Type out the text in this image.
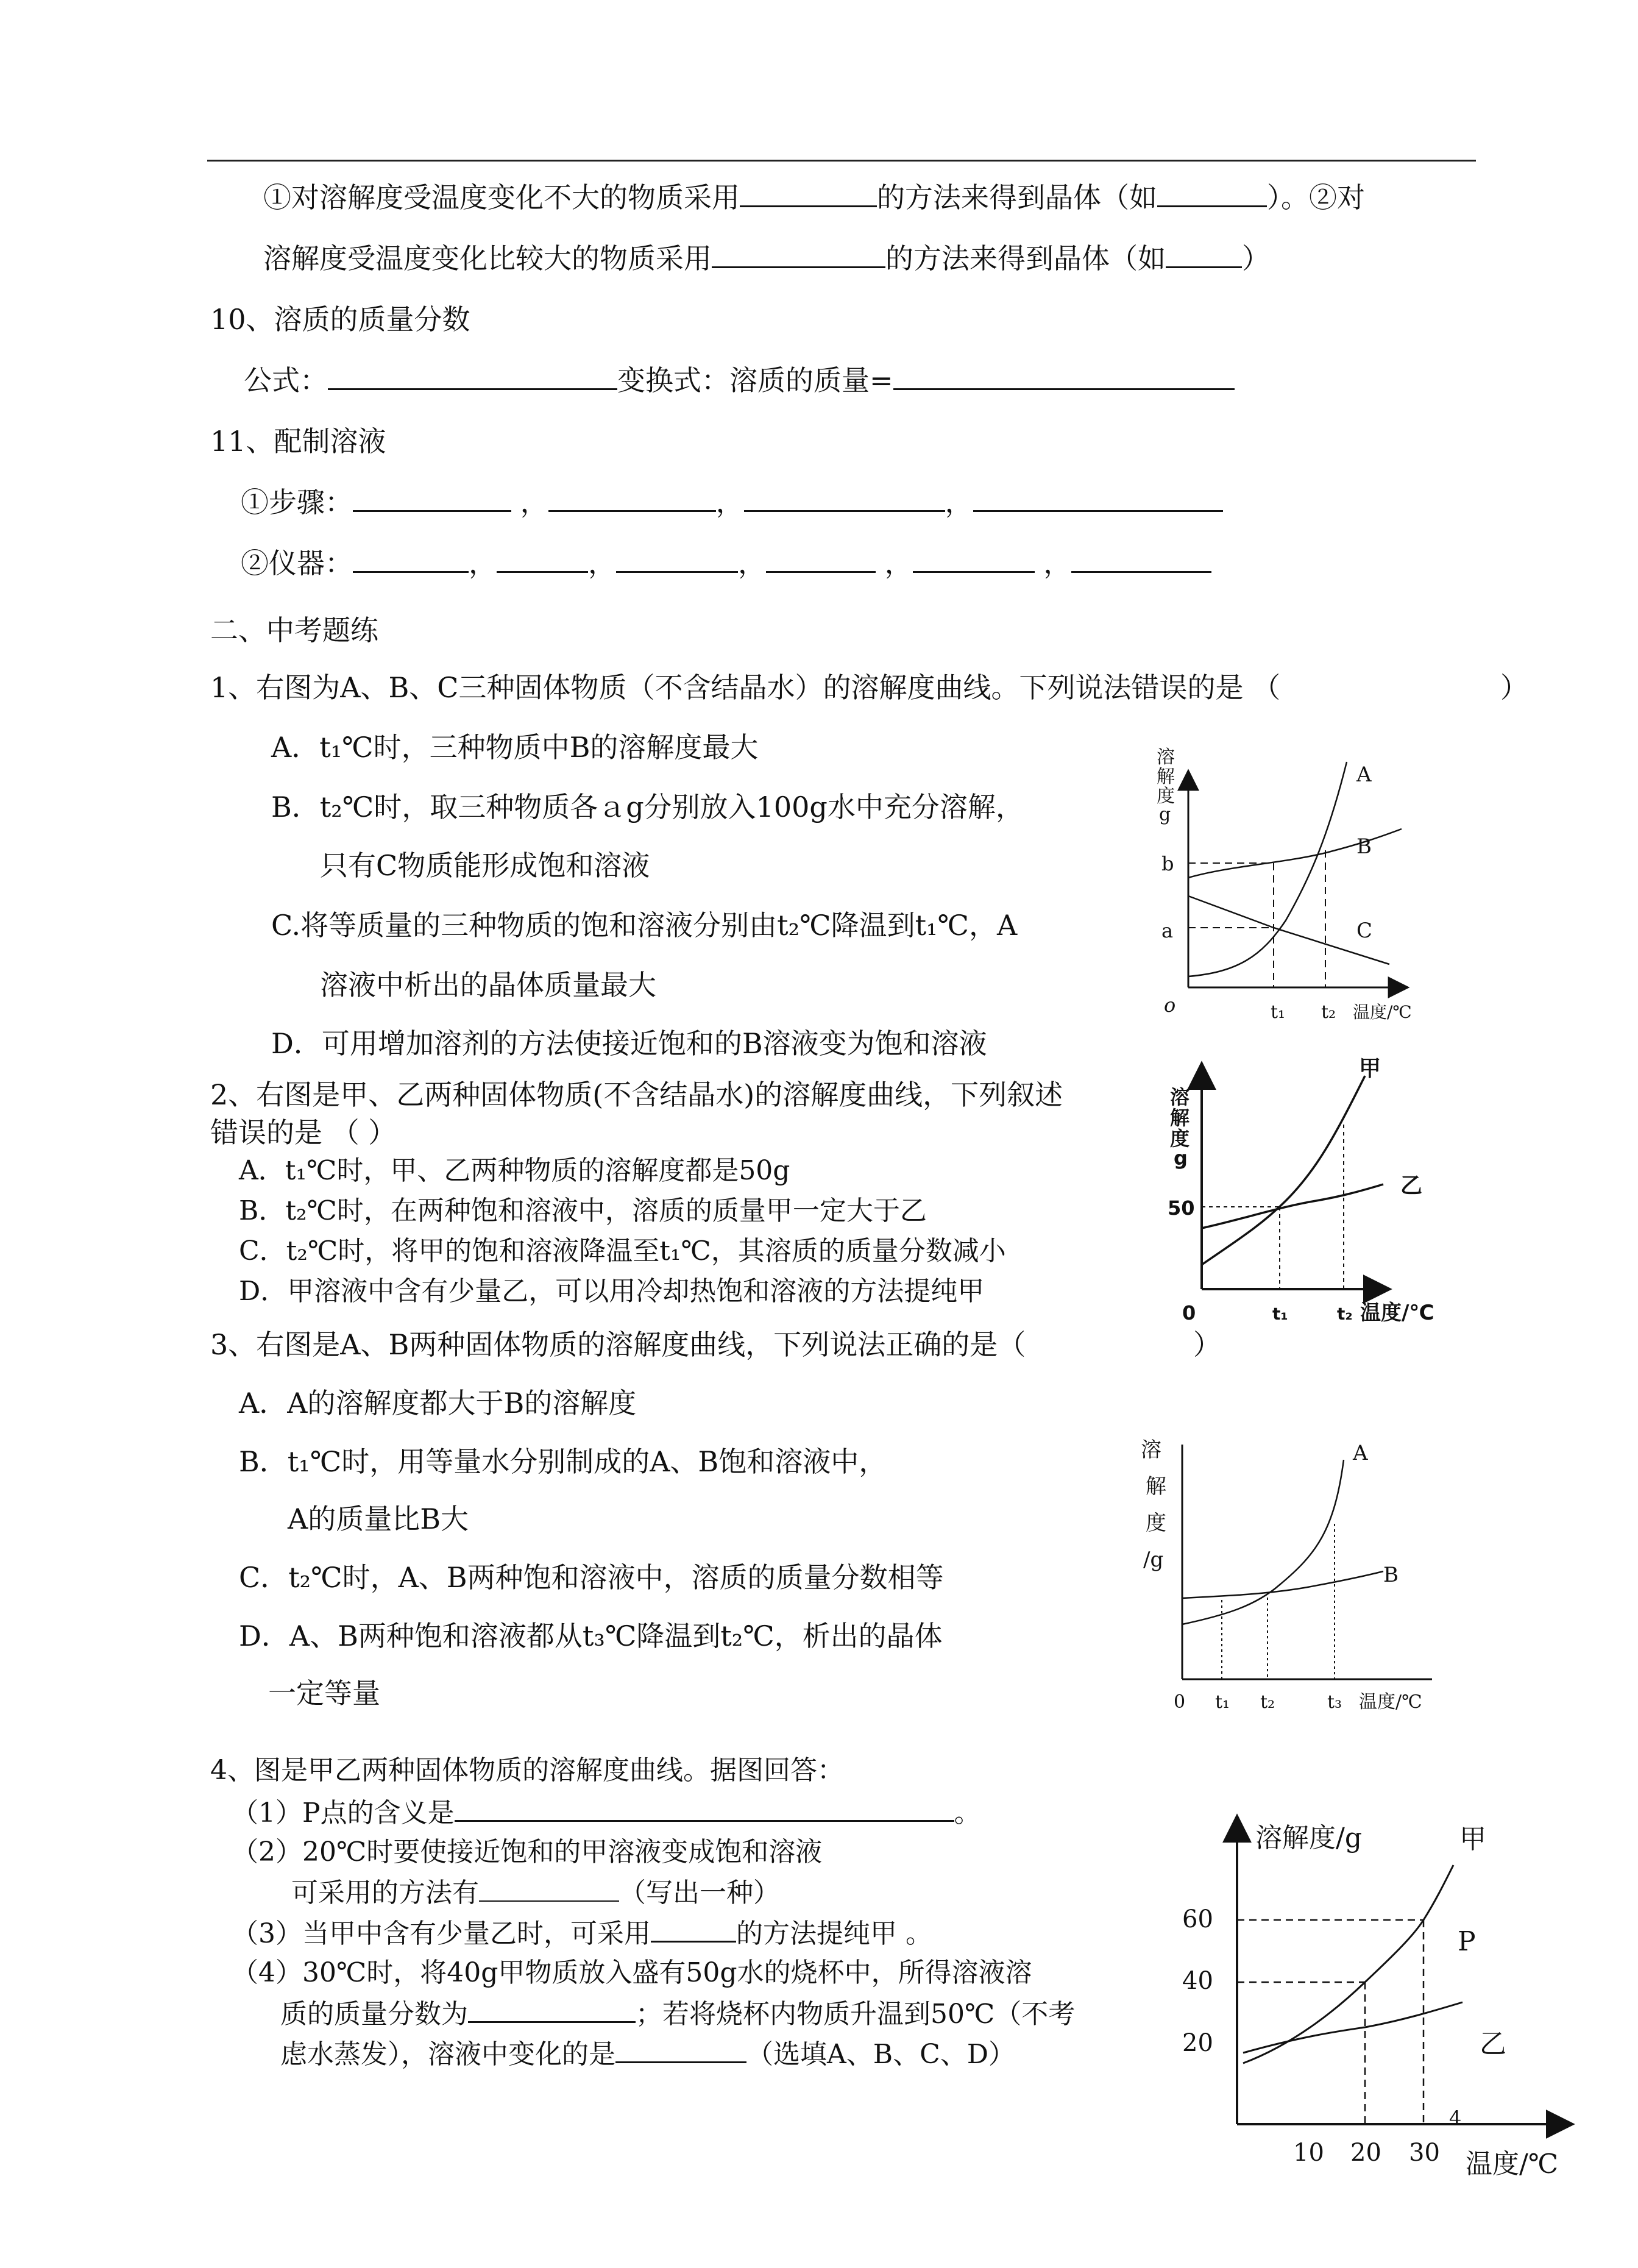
①对溶解度受温度变化不大的物质采用	的方法来得到晶体（如	）。②对
溶解度受温度变化比较大的物质采用	的方法来得到晶体（如	）
10、溶质的质量分数
公式：	变换式：溶质的质量=
11、配制溶液
①步骤：	，	，	，
②仪器：	，	，	，	，	，
二、中考题练
1、右图为A、B、C三种固体物质（不含结晶水）的溶解度曲线。下列说法错误的是 （	）
A．t₁℃时，三种物质中B的溶解度最大
B．t₂℃时，取三种物质各ａg分别放入100g水中充分溶解，
只有C物质能形成饱和溶液
C.将等质量的三种物质的饱和溶液分别由t₂℃降温到t₁℃，A
溶液中析出的晶体质量最大
D．可用增加溶剂的方法使接近饱和的B溶液变为饱和溶液
2、右图是甲、乙两种固体物质(不含结晶水)的溶解度曲线，下列叙述
错误的是 （ ）
A．t₁℃时，甲、乙两种物质的溶解度都是50g
B．t₂℃时，在两种饱和溶液中，溶质的质量甲一定大于乙
C．t₂℃时，将甲的饱和溶液降温至t₁℃，其溶质的质量分数减小
D．甲溶液中含有少量乙，可以用冷却热饱和溶液的方法提纯甲
3、右图是A、B两种固体物质的溶解度曲线，下列说法正确的是（	）
A．A的溶解度都大于B的溶解度
B．t₁℃时，用等量水分别制成的A、B饱和溶液中，
A的质量比B大
C．t₂℃时，A、B两种饱和溶液中，溶质的质量分数相等
D．A、B两种饱和溶液都从t₃℃降温到t₂℃，析出的晶体
一定等量
4、图是甲乙两种固体物质的溶解度曲线。据图回答：
（1）P点的含义是	。
（2）20℃时要使接近饱和的甲溶液变成饱和溶液
可采用的方法有	（写出一种）
（3）当甲中含有少量乙时，可采用	的方法提纯甲 。
（4）30℃时，将40g甲物质放入盛有50g水的烧杯中，所得溶液溶
质的质量分数为	；若将烧杯内物质升温到50℃（不考
虑水蒸发），溶液中变化的是	（选填A、B、C、D）
溶
解
度
g
b
a
o	t₁ t₂ 温度/℃
A
B
C
溶
解
度
g
50
0	t₁	t₂ 温度/℃
甲
乙
溶
解
度
/g
A
B
0 t₁ t₂	t₃ 温度/℃
溶解度/g
60
40
20
甲
P
乙
4
10 20 30 温度/℃
